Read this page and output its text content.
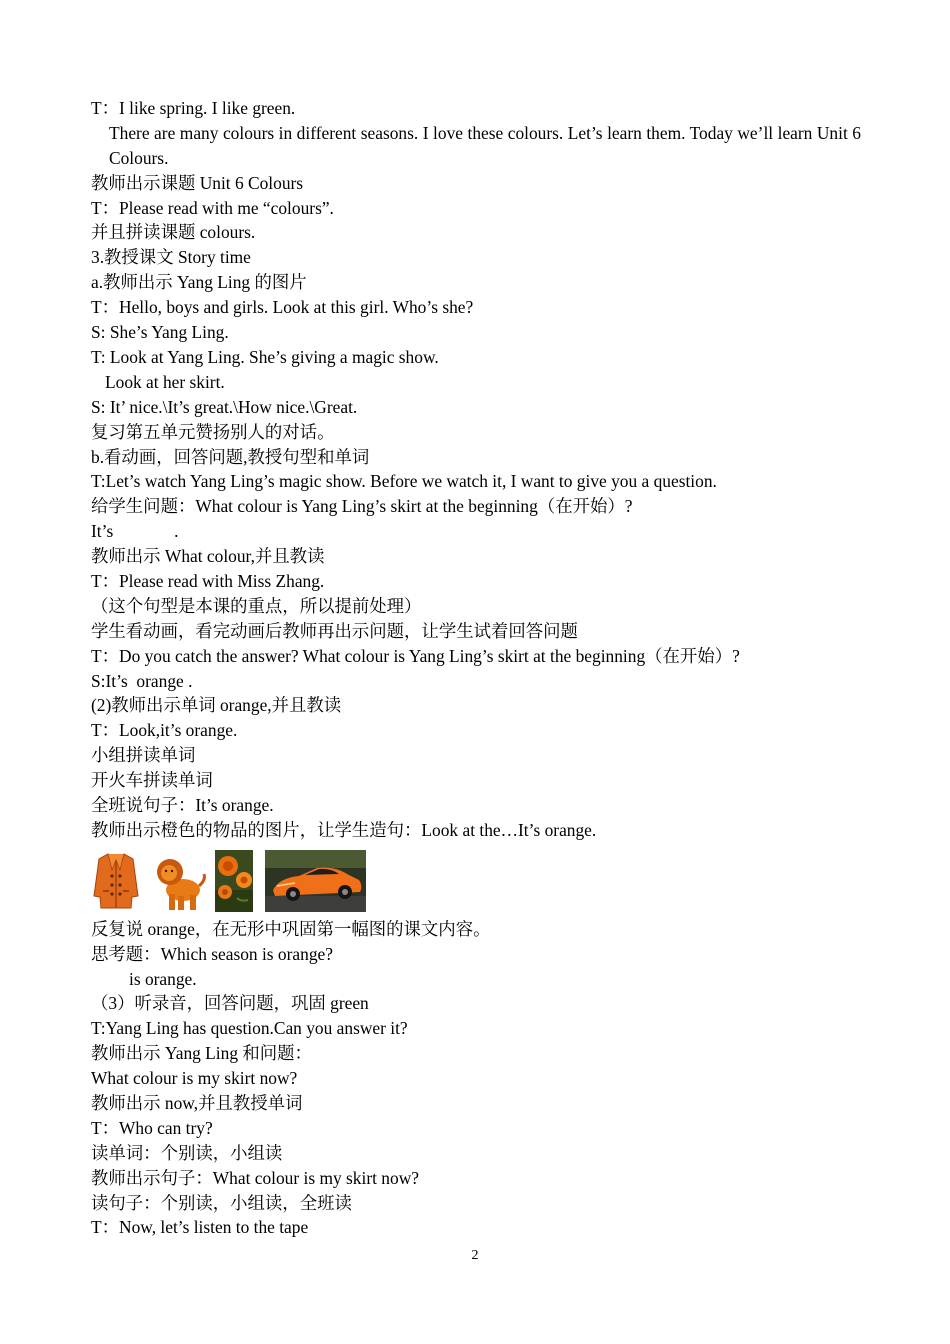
T：I like spring. I like green.
There are many colours in different seasons. I love these colours. Let’s learn them. Today we’ll learn Unit 6 Colours.
教师出示课题 Unit 6 Colours
T：Please read with me “colours”.
并且拼读课题 colours.
3.教授课文 Story time
a.教师出示 Yang Ling 的图片
T：Hello, boys and girls. Look at this girl. Who’s she?
S: She’s Yang Ling.
T: Look at Yang Ling. She’s giving a magic show.
Look at her skirt.
S: It’ nice.\It’s great.\How nice.\Great.
复习第五单元赞扬别人的对话。
b.看动画，回答问题,教授句型和单词
T:Let’s watch Yang Ling’s magic show. Before we watch it, I want to give you a question.
给学生问题：What colour is Yang Ling’s skirt at the beginning（在开始）?
It’s              .
教师出示 What colour,并且教读
T：Please read with Miss Zhang.
（这个句型是本课的重点，所以提前处理）
学生看动画，看完动画后教师再出示问题，让学生试着回答问题
T：Do you catch the answer? What colour is Yang Ling’s skirt at the beginning（在开始）?
S:It’s  orange .
(2)教师出示单词 orange,并且教读
T：Look,it’s orange.
小组拼读单词
开火车拼读单词
全班说句子：It’s orange.
教师出示橙色的物品的图片，让学生造句：Look at the…It’s orange.
反复说 orange，在无形中巩固第一幅图的课文内容。
思考题：Which season is orange?
is orange.
（3）听录音，回答问题，巩固 green
T:Yang Ling has question.Can you answer it?
教师出示 Yang Ling 和问题：
What colour is my skirt now?
教师出示 now,并且教授单词
T：Who can try?
读单词：个别读，小组读
教师出示句子：What colour is my skirt now?
读句子：个别读，小组读，全班读
T：Now, let’s listen to the tape
2
